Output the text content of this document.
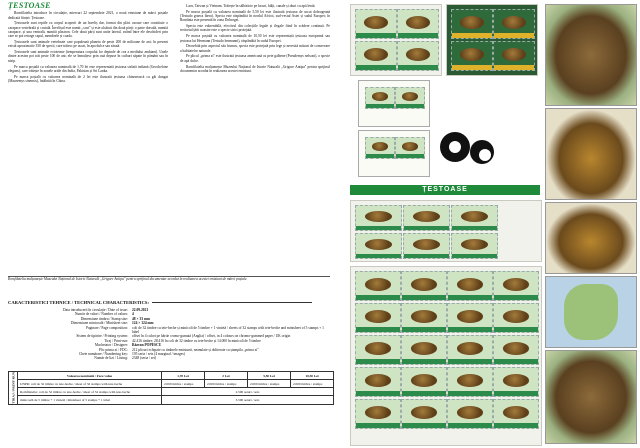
ȚESTOASE

Romfilatelia introduce în circulație, miercuri 22 septembrie 2021, o nouă emisiune de mărci poștale dedicată ființei: Țestoase.

Țestoasele sunt reptile cu corpul acoperit de un înveliș dur, format din plăci osoase care constituie o carapace vertebrală și costală. Învelișul este numit ,,scut'' și este alcătuit din două părți: o parte dorsală, numită carapace, și una ventrală, numită plastron. Cele două părți sunt unite lateral, având între ele deschideri prin care se pot retrage capul, membrele și coada.

Țestoasele sunt animale vertebrate care populează planeta de peste 200 de milioane de ani; în prezent există aproximativ 350 de specii, care trăiesc pe uscat, în apa dulce sau sărată.

Țestoasele sunt animale ectoterme (temperatura corpului lor depinde de cea a mediului ambiant). Unele dintre acestea pot trăi peste 100 de ani; ele se înmulțesc prin ouă depuse în cuiburi săpate în pământ sau în nisip.

Pe marca poștală cu valoarea nominală de 1,70 lei este reprezentată țestoasa stelată indiană (Geochelone elegans), care trăiește în zonele aride din India, Pakistan și Sri Lanka.

Pe marca poștală cu valoarea nominală de 2 lei este ilustrată țestoasa chinezească cu gât dungat (Mauremys sinensis), întâlnită în China.

Laos, Taiwan și Vietnam. Trăiește în sălbăticie pe lacuri, bălți, canale și râuri cu apă lentă.

Pe marca poștală cu valoarea nominală de 5,50 lei este ilustrată țestoasa de uscat dobrogeană (Testudo graeca ibera). Specia este răspândită în nordul Africii, sud-vestul Asiei și sudul Europei; în România este prezentă în zona Dobrogei.

Specia este vulnerabilă, efectivul din colecțiile legale și ilegale fiind în scădere continuă. Pe teritoriul țării noastre este o specie strict protejată.

Pe marca poștală cu valoarea nominală de 10,50 lei este reprezentată țestoasa europeană sau țestoasa lui Hermann (Testudo hermanni), răspândită în sudul Europei.

Deosebită prin aspectul său frumos, specia este protejată prin lege și necesită măsuri de conservare a habitatelor naturale.

Pe plicul ,,prima zi'' este ilustrată țestoasa americană cu pete galbene (Pseudemys nelsoni), o specie de apă dulce.

Romfilatelia mulțumește Muzeului Național de Istorie Naturală ,,Grigore Antipa'' pentru sprijinul documentar acordat în realizarea acestei emisiuni.

Romfilatelia mulțumește Muzeului Național de Istorie Naturală ,,Grigore Antipa'' pentru sprijinul documentar acordat în realizarea acestei emisiuni de mărci poștale.
CARACTERISTICI TEHNICE / TECHNICAL CHARACTERISTICS:
Data introducerii în circulație / Date of issue:	22.09.2021
Număr de valori / Number of values:	4
Dimensiune timbru / Stamp size:	48 × 33 mm
Dimensiune minicoală / Minisheet size:	124 × 124 mm
Paginare / Page composition:	coli de 32 timbre cu tete-beche și minicoli de 5 timbre + 1 vinietă / sheets of 32 stamps with tete-beche and minisheet of 5 stamps + 1 label
Sistem de tipărire / Printing system:	offset în 4 culori pe hârtie cromo-gumată (Anglia) / offset, in 4 colours on chromo-gummed paper / UK origin
Tiraj / Print-run:	42.416 timbre; 28.416 în coli de 32 timbre cu tete-beche și 14.000 în minicoli de 5 timbre
Machetator / Designer:	Răzvan POPESCU
Plic prima zi / FDC:	212 plicuri echipate cu timbrele emisiunii, neanulate și obliterate cu ștampila ,,prima zi''
Cheie numărare / Numbering key:	195 seria / sets (4 marginal / images)
Număr de lizi / Listing:	2348 (seria / set)
TIRAJ / PRINT-RUN	Valoarea nominală / Face value	1,70 Lei	2 Lei	5,50 Lei	10,50 Lei
	UNPR: coli de 32 timbre cu tete-beche / sheet of 32 stamps with tete-beche	2.000 timbre / stamps	2.000 timbre / stamps	2.000 timbre / stamps	2.000 timbre / stamps
	Romfilatelia: coli de 32 timbre cu tete-beche / sheet of 32 stamps with tete-beche	2.500 seturi / sets			
	minicoală de 5 timbre + 1 vinietă / minisheet of 5 stamps + 1 label	3.500 seturi / sets			
ȚESTOASE
